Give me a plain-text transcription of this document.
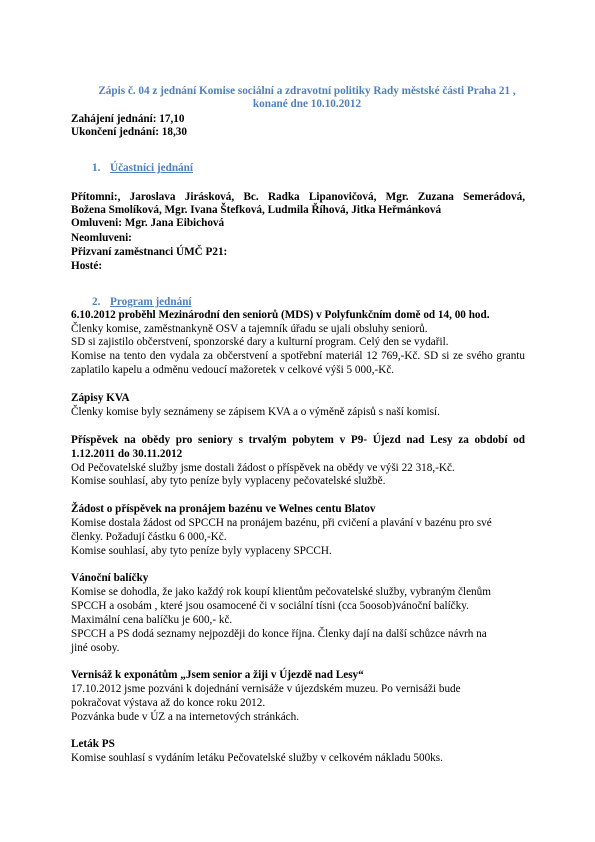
Zápis č. 04 z jednání Komise sociální a zdravotní politiky Rady městské části Praha 21 ,
konané dne 10.10.2012
Zahájení jednání: 17,10
Ukončení jednání: 18,30
1. Účastníci jednání
Přítomni:, Jaroslava Jirásková, Bc. Radka Lipanovičová, Mgr. Zuzana Semerádová,
Božena Smolíková, Mgr. Ivana Štefková, Ludmila Říhová, Jitka Heřmánková
Omluveni: Mgr. Jana Eibichová
Neomluveni:
Přizvaní zaměstnanci ÚMČ P21:
Hosté:
2. Program jednání
6.10.2012 proběhl Mezinárodní den seniorů (MDS) v Polyfunkčním domě od 14, 00 hod.
Členky komise, zaměstnankyně OSV a tajemník úřadu se ujali obsluhy seniorů.
SD si zajistilo občerstvení, sponzorské dary a kulturní program. Celý den se vydařil.
Komise na tento den vydala za občerstvení a spotřební materiál 12 769,-Kč. SD si ze svého grantu
zaplatilo kapelu a odměnu vedoucí mažoretek v celkové výši 5 000,-Kč.
Zápisy KVA
Členky komise byly seznámeny se zápisem KVA a o výměně zápisů s naší komisí.
Příspěvek na obědy pro seniory s trvalým pobytem v P9- Újezd nad Lesy za období od
1.12.2011 do 30.11.2012
Od Pečovatelské služby jsme dostali žádost o příspěvek na obědy ve výši 22 318,-Kč.
Komise souhlasí, aby tyto peníze byly vyplaceny pečovatelské službě.
Žádost o příspěvek na pronájem bazénu ve Welnes centu Blatov
Komise dostala žádost od SPCCH na pronájem bazénu, při cvičení a plavání v bazénu pro své
členky. Požadují částku 6 000,-Kč.
Komise souhlasí, aby tyto peníze byly vyplaceny SPCCH.
Vánoční balíčky
Komise se dohodla, že jako každý rok koupí klientům pečovatelské služby, vybraným členům
SPCCH a osobám , které jsou osamocené či v sociální tísni (cca 5oosob)vánoční balíčky.
Maximální cena balíčku je 600,- kč.
SPCCH a PS dodá seznamy nejpozději do konce října. Členky dají na další schůzce návrh na
jiné osoby.
Vernisáž k exponátům „Jsem senior a žiji v Újezdě nad Lesy“
17.10.2012 jsme pozváni k dojednání vernisáže v újezdském muzeu. Po vernisáži bude
pokračovat výstava až do konce roku 2012.
Pozvánka bude v ÚZ a na internetových stránkách.
Leták PS
Komise souhlasí s vydáním letáku Pečovatelské služby v celkovém nákladu 500ks.
